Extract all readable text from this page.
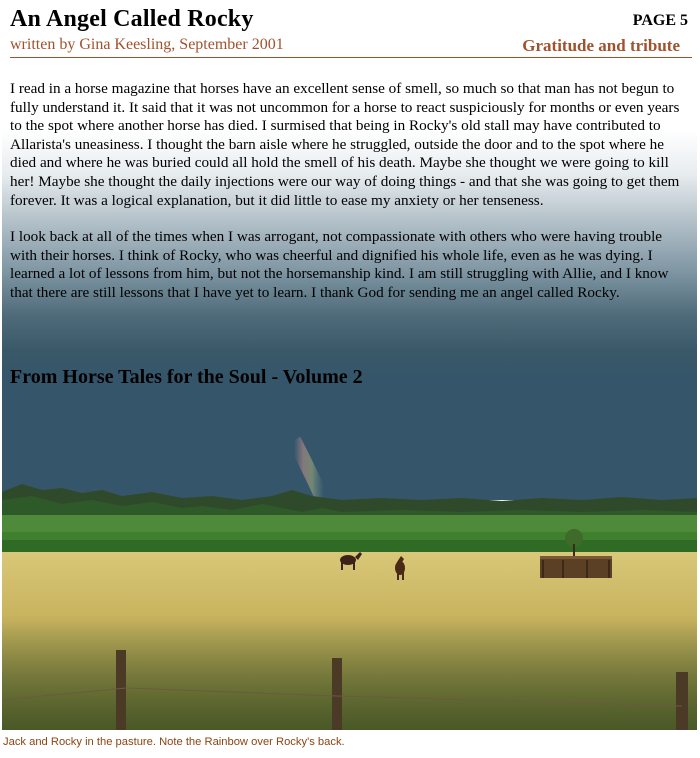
An Angel Called Rocky	PAGE 5
written by Gina Keesling, September 2001	Gratitude and tribute

I read in a horse magazine that horses have an excellent sense of smell, so much so that man has not begun to fully understand it. It said that it was not uncommon for a horse to react suspiciously for months or even years to the spot where another horse has died. I surmised that being in Rocky's old stall may have contributed to Allarista's uneasiness. I thought the barn aisle where he struggled, outside the door and to the spot where he died and where he was buried could all hold the smell of his death. Maybe she thought we were going to kill her! Maybe she thought the daily injections were our way of doing things - and that she was going to get them forever. It was a logical explanation, but it did little to ease my anxiety or her tenseness.

I look back at all of the times when I was arrogant, not compassionate with others who were having trouble with their horses. I think of Rocky, who was cheerful and dignified his whole life, even as he was dying. I learned a lot of lessons from him, but not the horsemanship kind. I am still struggling with Allie, and I know that there are still lessons that I have yet to learn. I thank God for sending me an angel called Rocky.

From Horse Tales for the Soul - Volume 2
Jack and Rocky in the pasture. Note the Rainbow over Rocky's back.
